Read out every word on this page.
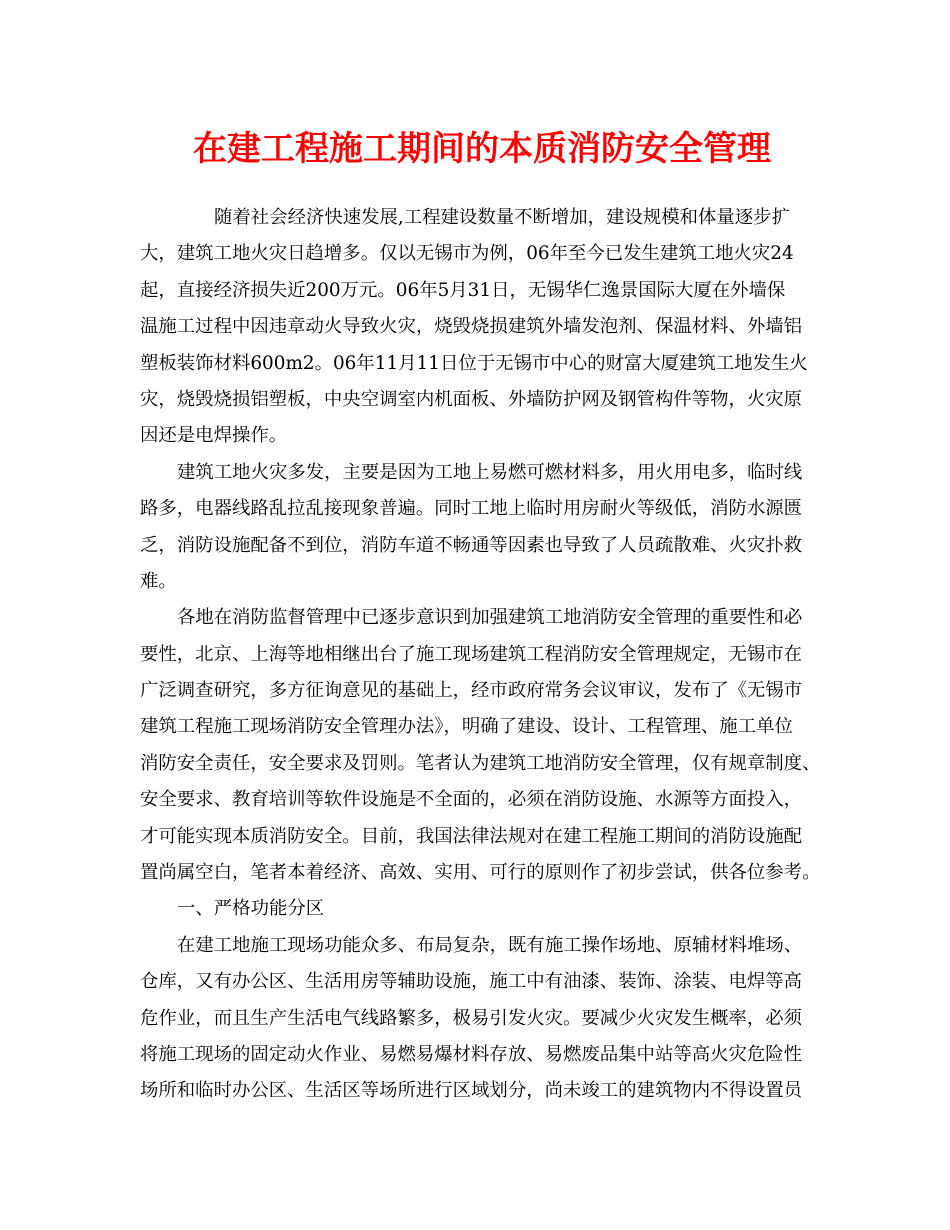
在建工程施工期间的本质消防安全管理
随着社会经济快速发展,工程建设数量不断增加，建设规模和体量逐步扩
大，建筑工地火灾日趋增多。仅以无锡市为例，06年至今已发生建筑工地火灾24
起，直接经济损失近200万元。06年5月31日，无锡华仁逸景国际大厦在外墙保
温施工过程中因违章动火导致火灾，烧毁烧损建筑外墙发泡剂、保温材料、外墙铝
塑板装饰材料600m2。06年11月11日位于无锡市中心的财富大厦建筑工地发生火
灾，烧毁烧损铝塑板，中央空调室内机面板、外墙防护网及钢管构件等物，火灾原
因还是电焊操作。
建筑工地火灾多发，主要是因为工地上易燃可燃材料多，用火用电多，临时线
路多，电器线路乱拉乱接现象普遍。同时工地上临时用房耐火等级低，消防水源匮
乏，消防设施配备不到位，消防车道不畅通等因素也导致了人员疏散难、火灾扑救
难。
各地在消防监督管理中已逐步意识到加强建筑工地消防安全管理的重要性和必
要性，北京、上海等地相继出台了施工现场建筑工程消防安全管理规定，无锡市在
广泛调查研究，多方征询意见的基础上，经市政府常务会议审议，发布了《无锡市
建筑工程施工现场消防安全管理办法》，明确了建设、设计、工程管理、施工单位
消防安全责任，安全要求及罚则。笔者认为建筑工地消防安全管理，仅有规章制度、
安全要求、教育培训等软件设施是不全面的，必须在消防设施、水源等方面投入，
才可能实现本质消防安全。目前，我国法律法规对在建工程施工期间的消防设施配
置尚属空白，笔者本着经济、高效、实用、可行的原则作了初步尝试，供各位参考。
一、严格功能分区
在建工地施工现场功能众多、布局复杂，既有施工操作场地、原辅材料堆场、
仓库，又有办公区、生活用房等辅助设施，施工中有油漆、装饰、涂装、电焊等高
危作业，而且生产生活电气线路繁多，极易引发火灾。要减少火灾发生概率，必须
将施工现场的固定动火作业、易燃易爆材料存放、易燃废品集中站等高火灾危险性
场所和临时办公区、生活区等场所进行区域划分，尚未竣工的建筑物内不得设置员
